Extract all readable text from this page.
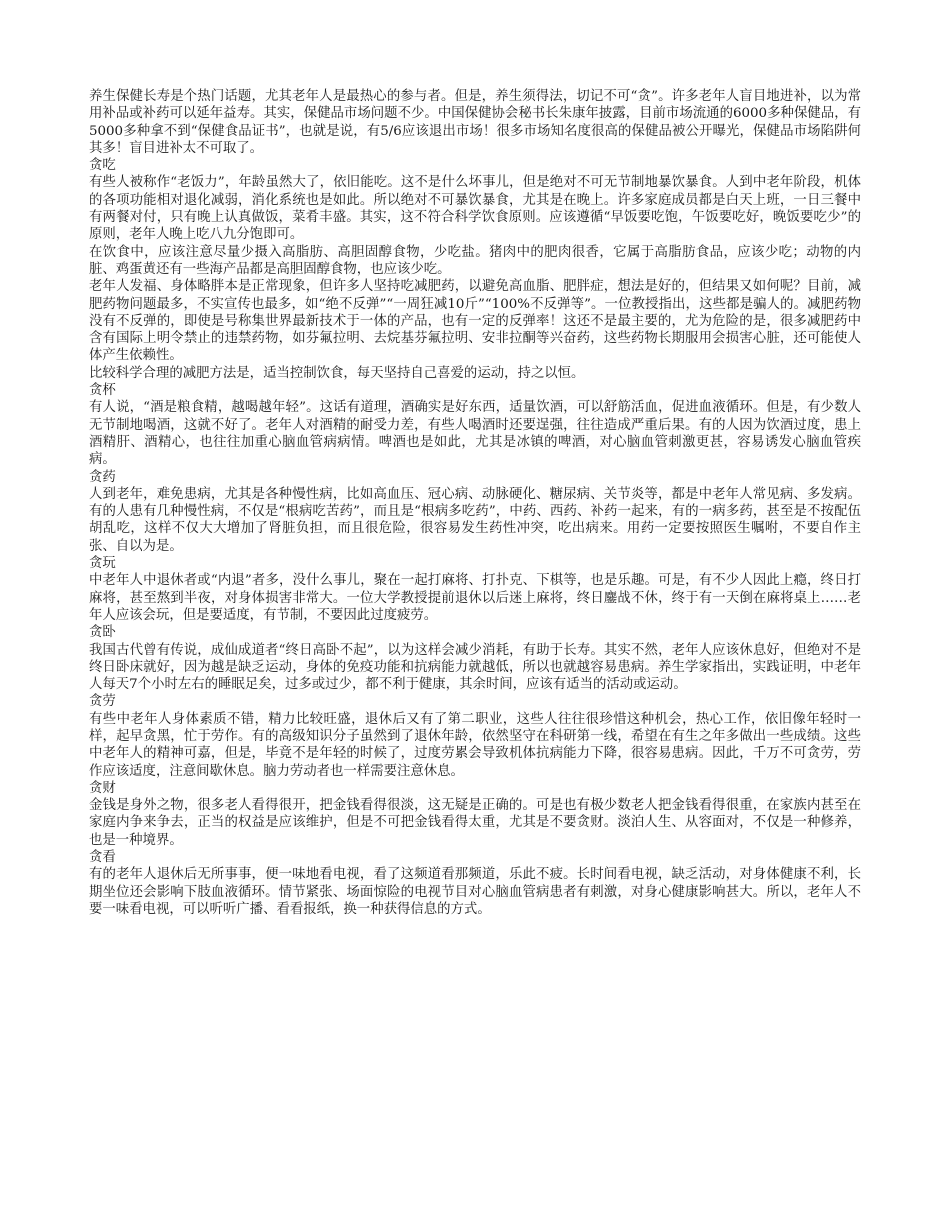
养生保健长寿是个热门话题，尤其老年人是最热心的参与者。但是，养生须得法，切记不可“贪”。许多老年人盲目地进补，以为常用补品或补药可以延年益寿。其实，保健品市场问题不少。中国保健协会秘书长朱康年披露，目前市场流通的6000多种保健品，有5000多种拿不到“保健食品证书”，也就是说，有5/6应该退出市场！很多市场知名度很高的保健品被公开曝光，保健品市场陷阱何其多！盲目进补太不可取了。

贪吃

有些人被称作“老饭力”，年龄虽然大了，依旧能吃。这不是什么坏事儿，但是绝对不可无节制地暴饮暴食。人到中老年阶段，机体的各项功能相对退化减弱，消化系统也是如此。所以绝对不可暴饮暴食，尤其是在晚上。许多家庭成员都是白天上班，一日三餐中有两餐对付，只有晚上认真做饭，菜肴丰盛。其实，这不符合科学饮食原则。应该遵循“早饭要吃饱，午饭要吃好，晚饭要吃少”的原则，老年人晚上吃八九分饱即可。

在饮食中，应该注意尽量少摄入高脂肪、高胆固醇食物，少吃盐。猪肉中的肥肉很香，它属于高脂肪食品，应该少吃；动物的内脏、鸡蛋黄还有一些海产品都是高胆固醇食物，也应该少吃。

老年人发福、身体略胖本是正常现象，但许多人坚持吃减肥药，以避免高血脂、肥胖症，想法是好的，但结果又如何呢？目前，减肥药物问题最多，不实宣传也最多，如“绝不反弹”“一周狂减10斤”“100%不反弹等”。一位教授指出，这些都是骗人的。减肥药物没有不反弹的，即使是号称集世界最新技术于一体的产品，也有一定的反弹率！这还不是最主要的，尤为危险的是，很多减肥药中含有国际上明令禁止的违禁药物，如芬氟拉明、去烷基芬氟拉明、安非拉酮等兴奋药，这些药物长期服用会损害心脏，还可能使人体产生依赖性。

比较科学合理的减肥方法是，适当控制饮食，每天坚持自己喜爱的运动，持之以恒。

贪杯

有人说，“酒是粮食精，越喝越年轻”。这话有道理，酒确实是好东西，适量饮酒，可以舒筋活血，促进血液循环。但是，有少数人无节制地喝酒，这就不好了。老年人对酒精的耐受力差，有些人喝酒时还要逞强，往往造成严重后果。有的人因为饮酒过度，患上酒精肝、酒精心，也往往加重心脑血管病病情。啤酒也是如此，尤其是冰镇的啤酒，对心脑血管刺激更甚，容易诱发心脑血管疾病。

贪药

人到老年，难免患病，尤其是各种慢性病，比如高血压、冠心病、动脉硬化、糖尿病、关节炎等，都是中老年人常见病、多发病。有的人患有几种慢性病，不仅是“根病吃苦药”，而且是“根病多吃药”，中药、西药、补药一起来，有的一病多药，甚至是不按配伍胡乱吃，这样不仅大大增加了肾脏负担，而且很危险，很容易发生药性冲突，吃出病来。用药一定要按照医生嘱咐，不要自作主张、自以为是。

贪玩

中老年人中退休者或“内退”者多，没什么事儿，聚在一起打麻将、打扑克、下棋等，也是乐趣。可是，有不少人因此上瘾，终日打麻将，甚至熬到半夜，对身体损害非常大。一位大学教授提前退休以后迷上麻将，终日鏖战不休，终于有一天倒在麻将桌上……老年人应该会玩，但是要适度，有节制，不要因此过度疲劳。

贪卧

我国古代曾有传说，成仙成道者“终日高卧不起”，以为这样会减少消耗，有助于长寿。其实不然，老年人应该休息好，但绝对不是终日卧床就好，因为越是缺乏运动，身体的免疫功能和抗病能力就越低，所以也就越容易患病。养生学家指出，实践证明，中老年人每天7个小时左右的睡眠足矣，过多或过少，都不利于健康，其余时间，应该有适当的活动或运动。

贪劳

有些中老年人身体素质不错，精力比较旺盛，退休后又有了第二职业，这些人往往很珍惜这种机会，热心工作，依旧像年轻时一样，起早贪黑，忙于劳作。有的高级知识分子虽然到了退休年龄，依然坚守在科研第一线，希望在有生之年多做出一些成绩。这些中老年人的精神可嘉，但是，毕竟不是年轻的时候了，过度劳累会导致机体抗病能力下降，很容易患病。因此，千万不可贪劳，劳作应该适度，注意间歇休息。脑力劳动者也一样需要注意休息。

贪财

金钱是身外之物，很多老人看得很开，把金钱看得很淡，这无疑是正确的。可是也有极少数老人把金钱看得很重，在家族内甚至在家庭内争来争去，正当的权益是应该维护，但是不可把金钱看得太重，尤其是不要贪财。淡泊人生、从容面对，不仅是一种修养，也是一种境界。

贪看

有的老年人退休后无所事事，便一味地看电视，看了这频道看那频道，乐此不疲。长时间看电视，缺乏活动，对身体健康不利，长期坐位还会影响下肢血液循环。情节紧张、场面惊险的电视节目对心脑血管病患者有刺激，对身心健康影响甚大。所以，老年人不要一味看电视，可以听听广播、看看报纸，换一种获得信息的方式。
